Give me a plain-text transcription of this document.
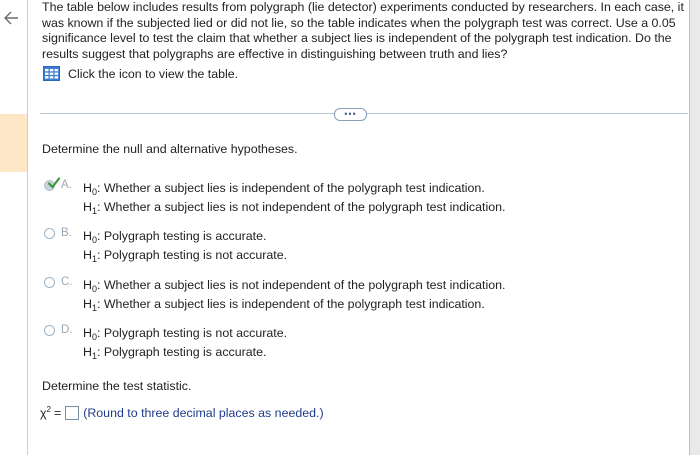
The table below includes results from polygraph (lie detector) experiments conducted by researchers. In each case, it was known if the subjected lied or did not lie, so the table indicates when the polygraph test was correct. Use a 0.05 significance level to test the claim that whether a subject lies is independent of the polygraph test indication. Do the results suggest that polygraphs are effective in distinguishing between truth and lies?
Click the icon to view the table.
•••
Determine the null and alternative hypotheses.
A. $H_0$: Whether a subject lies is independent of the polygraph test indication.
$H_1$: Whether a subject lies is not independent of the polygraph test indication.
B. $H_0$: Polygraph testing is accurate.
$H_1$: Polygraph testing is not accurate.
C. $H_0$: Whether a subject lies is not independent of the polygraph test indication.
$H_1$: Whether a subject lies is independent of the polygraph test indication.
D. $H_0$: Polygraph testing is not accurate.
$H_1$: Polygraph testing is accurate.
Determine the test statistic.
$\chi^2$ = (Round to three decimal places as needed.)
